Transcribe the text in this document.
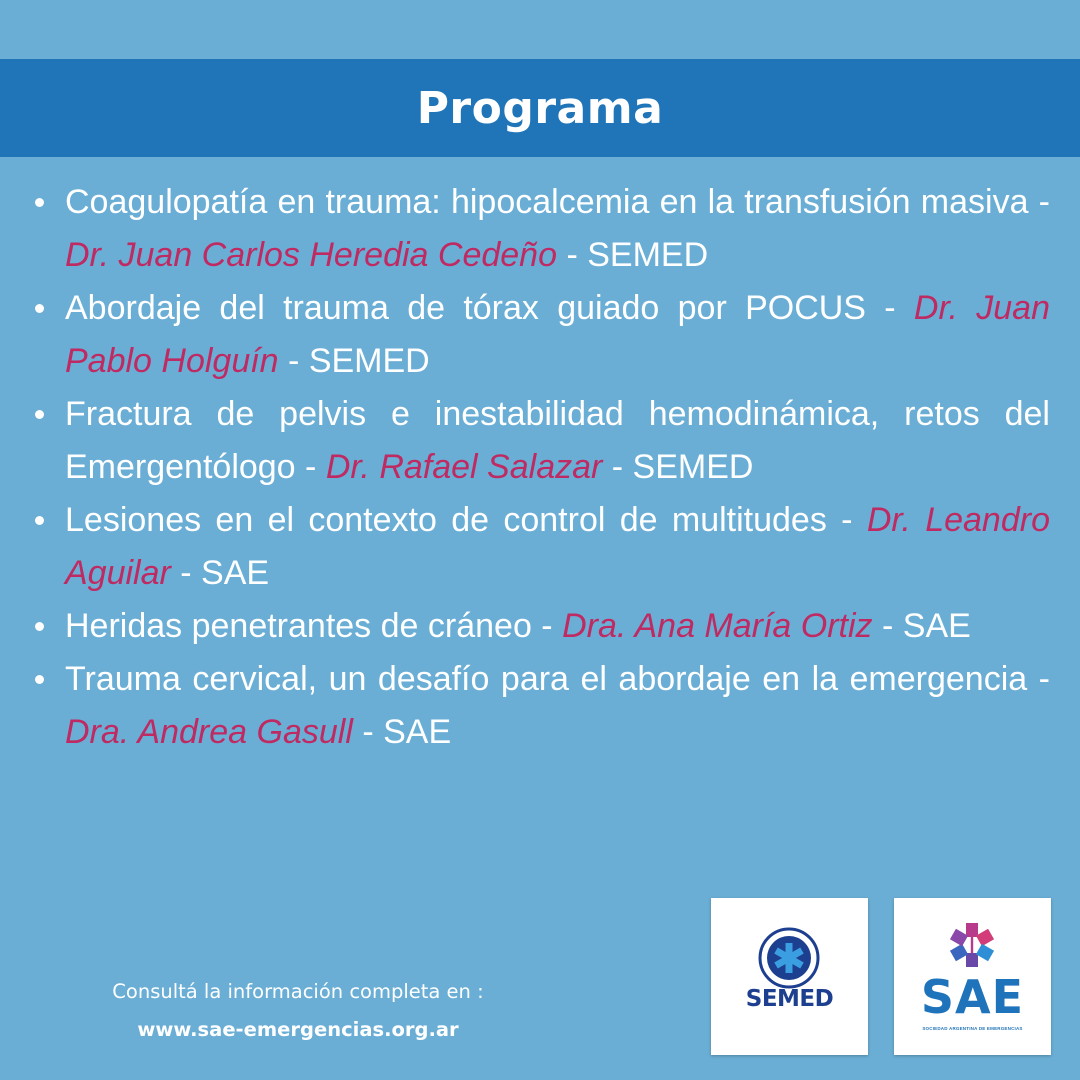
Programa
Coagulopatía en trauma: hipocalcemia en la transfusión masiva - Dr. Juan Carlos Heredia Cedeño - SEMED
Abordaje del trauma de tórax guiado por POCUS - Dr. Juan Pablo Holguín - SEMED
Fractura de pelvis e inestabilidad hemodinámica, retos del Emergentólogo - Dr. Rafael Salazar - SEMED
Lesiones en el contexto de control de multitudes - Dr. Leandro Aguilar - SAE
Heridas penetrantes de cráneo - Dra. Ana María Ortiz - SAE
Trauma cervical, un desafío para el abordaje en la emergencia - Dra. Andrea Gasull - SAE
Consultá la información completa en :
www.sae-emergencias.org.ar
SEMED	SAE
SOCIEDAD ARGENTINA DE EMERGENCIAS
